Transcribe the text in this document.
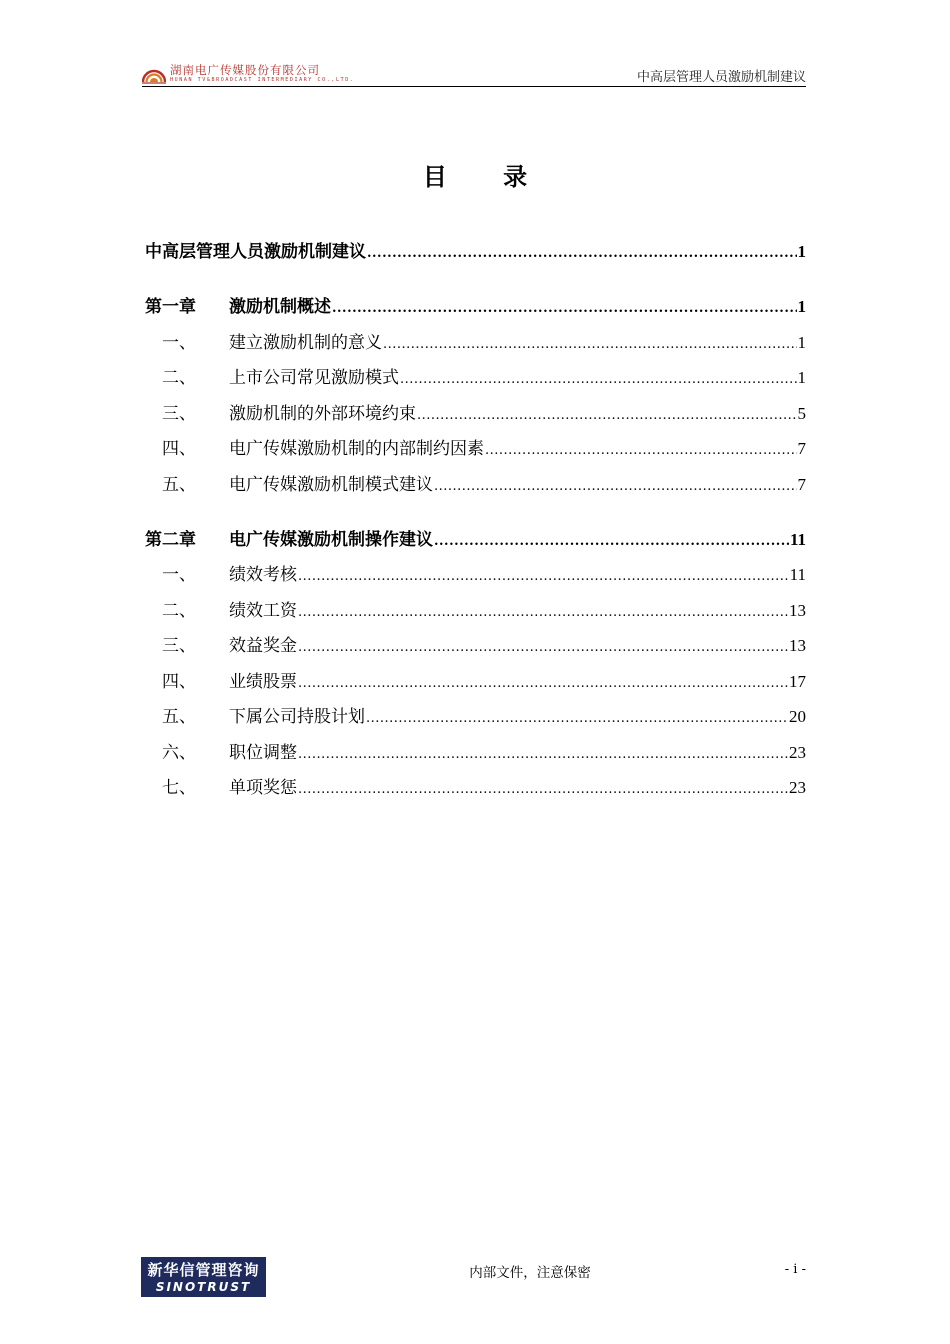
湖南电广传媒股份有限公司
HUNAN TV&BROADCAST INTERMEDIARY CO.,LTD.	中高层管理人员激励机制建议
目 录
中高层管理人员激励机制建议 .....	1
第一章	激励机制概述 .....	1
一、	建立激励机制的意义 .....	1
二、	上市公司常见激励模式 .....	1
三、	激励机制的外部环境约束 .....	5
四、	电广传媒激励机制的内部制约因素 .....	7
五、	电广传媒激励机制模式建议 .....	7
第二章	电广传媒激励机制操作建议 .....	11
一、	绩效考核 .....	11
二、	绩效工资 .....	13
三、	效益奖金 .....	13
四、	业绩股票 .....	17
五、	下属公司持股计划 .....	20
六、	职位调整 .....	23
七、	单项奖惩 .....	23
新华信管理咨询
SINOTRUST
内部文件，注意保密	- i -
